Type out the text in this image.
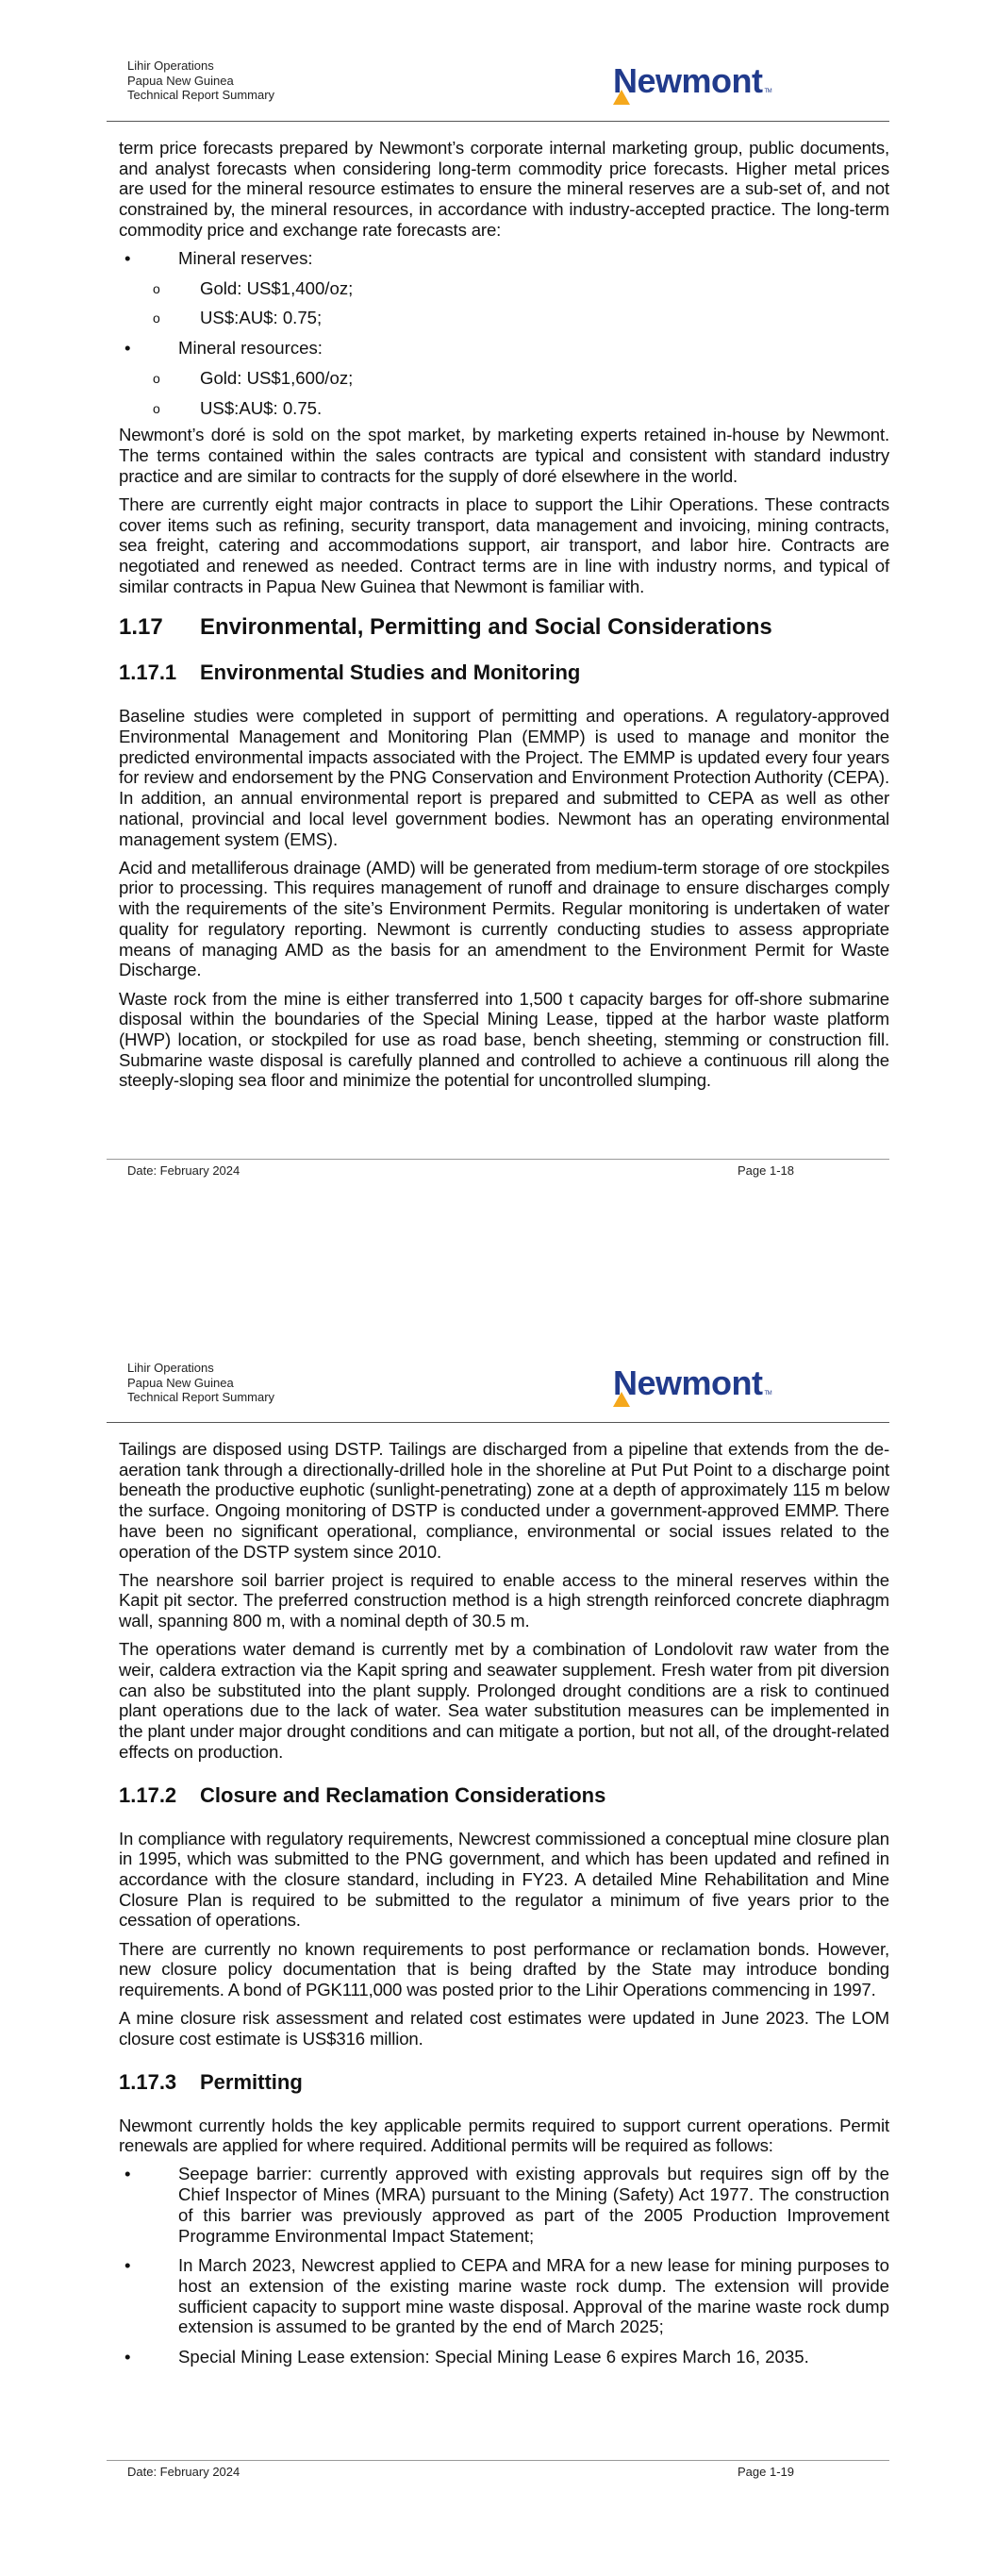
Lihir Operations
Papua New Guinea
Technical Report Summary	Newmont TM

term price forecasts prepared by Newmont’s corporate internal marketing group, public documents, and analyst forecasts when considering long-term commodity price forecasts. Higher metal prices are used for the mineral resource estimates to ensure the mineral reserves are a sub-set of, and not constrained by, the mineral resources, in accordance with industry-accepted practice. The long-term commodity price and exchange rate forecasts are:

•	Mineral reserves:
o Gold: US$1,400/oz;
o US$:AU$: 0.75;
•	Mineral resources:
o Gold: US$1,600/oz;
o US$:AU$: 0.75.

Newmont’s doré is sold on the spot market, by marketing experts retained in-house by Newmont. The terms contained within the sales contracts are typical and consistent with standard industry practice and are similar to contracts for the supply of doré elsewhere in the world.

There are currently eight major contracts in place to support the Lihir Operations. These contracts cover items such as refining, security transport, data management and invoicing, mining contracts, sea freight, catering and accommodations support, air transport, and labor hire. Contracts are negotiated and renewed as needed. Contract terms are in line with industry norms, and typical of similar contracts in Papua New Guinea that Newmont is familiar with.

1.17 Environmental, Permitting and Social Considerations
1.17.1 Environmental Studies and Monitoring

Baseline studies were completed in support of permitting and operations. A regulatory-approved Environmental Management and Monitoring Plan (EMMP) is used to manage and monitor the predicted environmental impacts associated with the Project. The EMMP is updated every four years for review and endorsement by the PNG Conservation and Environment Protection Authority (CEPA). In addition, an annual environmental report is prepared and submitted to CEPA as well as other national, provincial and local level government bodies. Newmont has an operating environmental management system (EMS).

Acid and metalliferous drainage (AMD) will be generated from medium-term storage of ore stockpiles prior to processing. This requires management of runoff and drainage to ensure discharges comply with the requirements of the site’s Environment Permits. Regular monitoring is undertaken of water quality for regulatory reporting. Newmont is currently conducting studies to assess appropriate means of managing AMD as the basis for an amendment to the Environment Permit for Waste Discharge.

Waste rock from the mine is either transferred into 1,500 t capacity barges for off-shore submarine disposal within the boundaries of the Special Mining Lease, tipped at the harbor waste platform (HWP) location, or stockpiled for use as road base, bench sheeting, stemming or construction fill. Submarine waste disposal is carefully planned and controlled to achieve a continuous rill along the steeply-sloping sea floor and minimize the potential for uncontrolled slumping.

Date: February 2024	Page 1-18
Lihir Operations
Papua New Guinea
Technical Report Summary	Newmont TM

Tailings are disposed using DSTP. Tailings are discharged from a pipeline that extends from the de-aeration tank through a directionally-drilled hole in the shoreline at Put Put Point to a discharge point beneath the productive euphotic (sunlight-penetrating) zone at a depth of approximately 115 m below the surface. Ongoing monitoring of DSTP is conducted under a government-approved EMMP. There have been no significant operational, compliance, environmental or social issues related to the operation of the DSTP system since 2010.

The nearshore soil barrier project is required to enable access to the mineral reserves within the Kapit pit sector. The preferred construction method is a high strength reinforced concrete diaphragm wall, spanning 800 m, with a nominal depth of 30.5 m.

The operations water demand is currently met by a combination of Londolovit raw water from the weir, caldera extraction via the Kapit spring and seawater supplement. Fresh water from pit diversion can also be substituted into the plant supply. Prolonged drought conditions are a risk to continued plant operations due to the lack of water. Sea water substitution measures can be implemented in the plant under major drought conditions and can mitigate a portion, but not all, of the drought-related effects on production.

1.17.2 Closure and Reclamation Considerations

In compliance with regulatory requirements, Newcrest commissioned a conceptual mine closure plan in 1995, which was submitted to the PNG government, and which has been updated and refined in accordance with the closure standard, including in FY23. A detailed Mine Rehabilitation and Mine Closure Plan is required to be submitted to the regulator a minimum of five years prior to the cessation of operations.

There are currently no known requirements to post performance or reclamation bonds. However, new closure policy documentation that is being drafted by the State may introduce bonding requirements. A bond of PGK111,000 was posted prior to the Lihir Operations commencing in 1997.

A mine closure risk assessment and related cost estimates were updated in June 2023. The LOM closure cost estimate is US$316 million.

1.17.3 Permitting

Newmont currently holds the key applicable permits required to support current operations. Permit renewals are applied for where required. Additional permits will be required as follows:

•	Seepage barrier: currently approved with existing approvals but requires sign off by the Chief Inspector of Mines (MRA) pursuant to the Mining (Safety) Act 1977. The construction of this barrier was previously approved as part of the 2005 Production Improvement Programme Environmental Impact Statement;
•	In March 2023, Newcrest applied to CEPA and MRA for a new lease for mining purposes to host an extension of the existing marine waste rock dump. The extension will provide sufficient capacity to support mine waste disposal. Approval of the marine waste rock dump extension is assumed to be granted by the end of March 2025;
•	Special Mining Lease extension: Special Mining Lease 6 expires March 16, 2035.
Date: February 2024	Page 1-19
